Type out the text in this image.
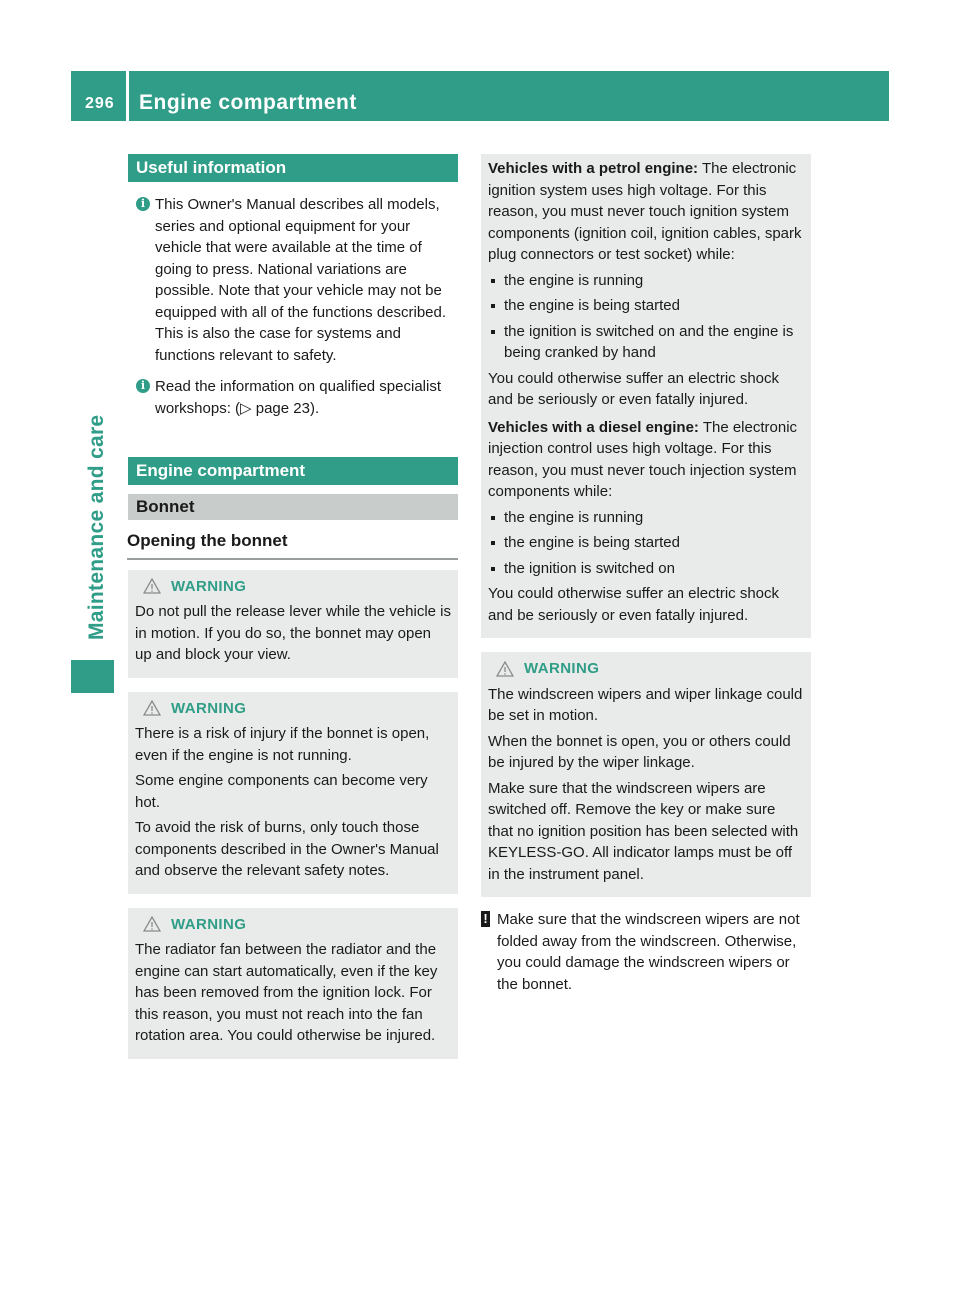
296 Engine compartment
Maintenance and care
Useful information
i This Owner's Manual describes all models, series and optional equipment for your vehicle that were available at the time of going to press. National variations are possible. Note that your vehicle may not be equipped with all of the functions described. This is also the case for systems and functions relevant to safety.
i Read the information on qualified specialist workshops: (▷ page 23).
Engine compartment
Bonnet
Opening the bonnet
WARNING

Do not pull the release lever while the vehicle is in motion. If you do so, the bonnet may open up and block your view.

WARNING

There is a risk of injury if the bonnet is open, even if the engine is not running.

Some engine components can become very hot.

To avoid the risk of burns, only touch those components described in the Owner's Manual and observe the relevant safety notes.

WARNING

The radiator fan between the radiator and the engine can start automatically, even if the key has been removed from the ignition lock. For this reason, you must not reach into the fan rotation area. You could otherwise be injured.

Vehicles with a petrol engine: The electronic ignition system uses high voltage. For this reason, you must never touch ignition system components (ignition coil, ignition cables, spark plug connectors or test socket) while:

the engine is running
the engine is being started
the ignition is switched on and the engine is being cranked by hand

You could otherwise suffer an electric shock and be seriously or even fatally injured.

Vehicles with a diesel engine: The electronic injection control uses high voltage. For this reason, you must never touch injection system components while:

the engine is running
the engine is being started
the ignition is switched on

You could otherwise suffer an electric shock and be seriously or even fatally injured.

WARNING

The windscreen wipers and wiper linkage could be set in motion.

When the bonnet is open, you or others could be injured by the wiper linkage.

Make sure that the windscreen wipers are switched off. Remove the key or make sure that no ignition position has been selected with KEYLESS-GO. All indicator lamps must be off in the instrument panel.

! Make sure that the windscreen wipers are not folded away from the windscreen. Otherwise, you could damage the windscreen wipers or the bonnet.
